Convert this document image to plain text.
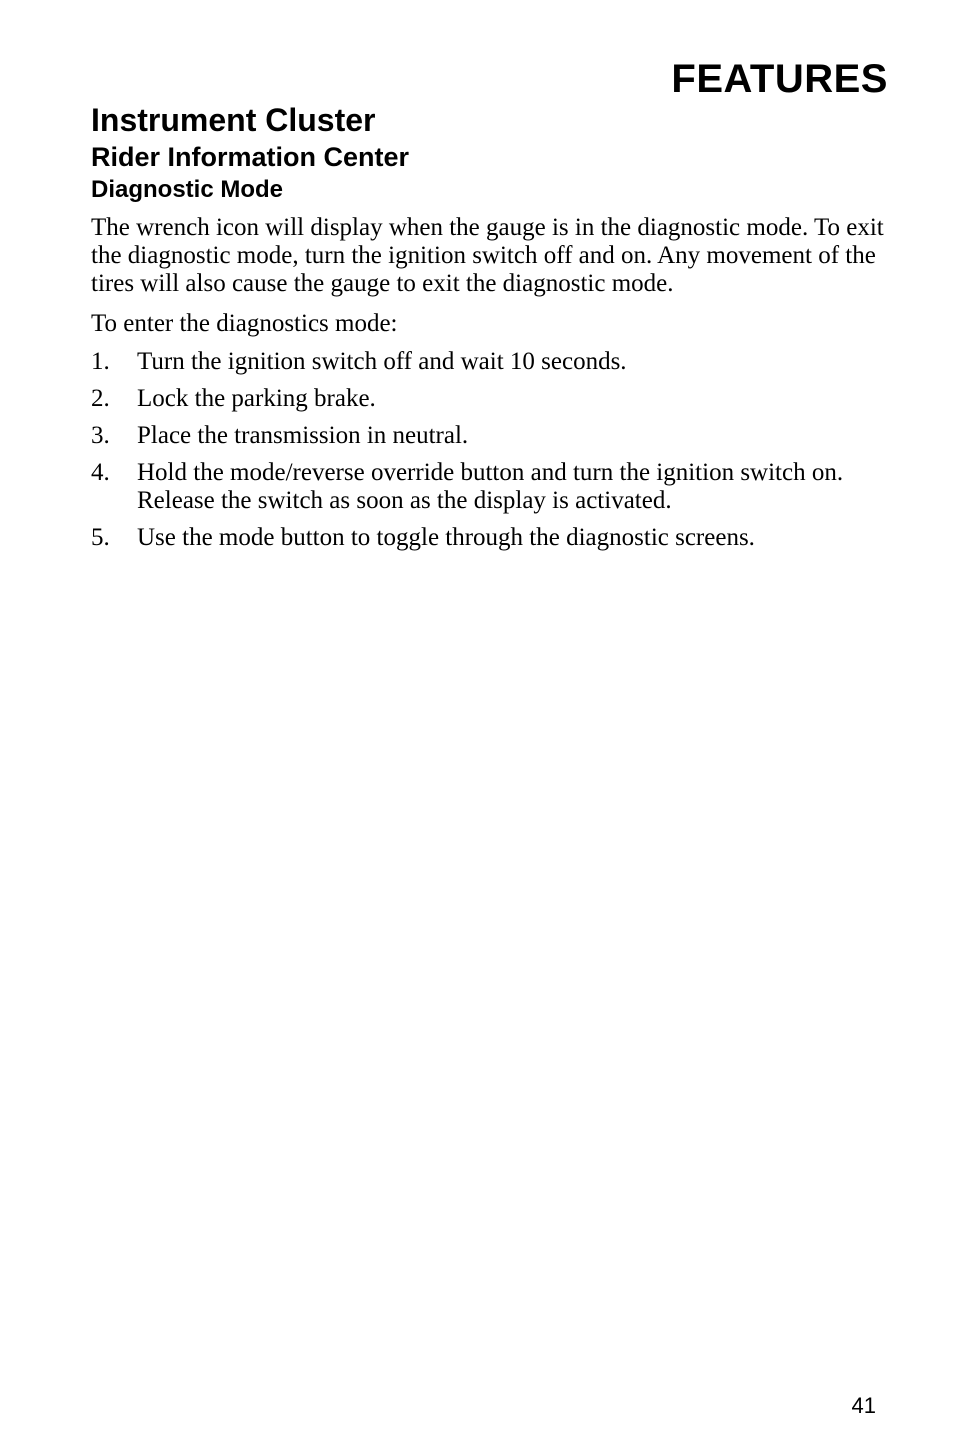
FEATURES
Instrument Cluster
Rider Information Center
Diagnostic Mode

The wrench icon will display when the gauge is in the diagnostic mode. To exit the diagnostic mode, turn the ignition switch off and on. Any movement of the tires will also cause the gauge to exit the diagnostic mode.

To enter the diagnostics mode:

1.	Turn the ignition switch off and wait 10 seconds.
2.	Lock the parking brake.
3.	Place the transmission in neutral.
4.	Hold the mode/reverse override button and turn the ignition switch on. Release the switch as soon as the display is activated.
5.	Use the mode button to toggle through the diagnostic screens.
41
